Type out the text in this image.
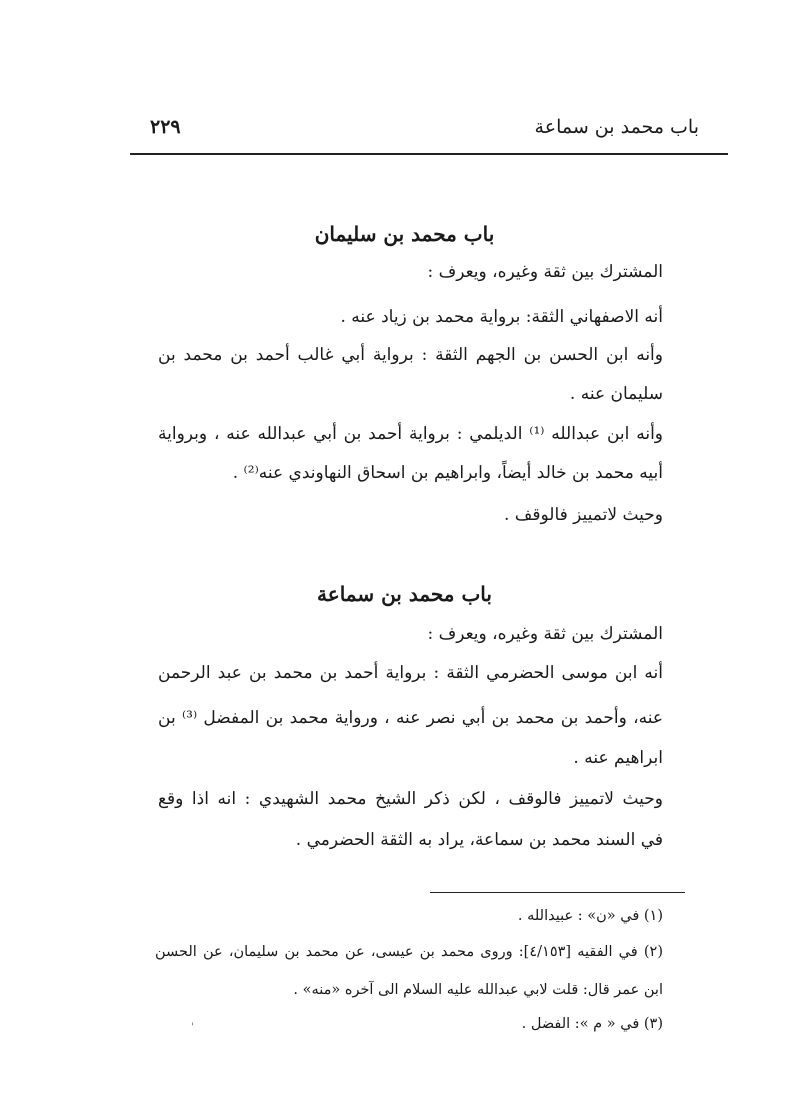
٢٢٩	باب محمد بن سماعة
باب محمد بن سليمان
المشترك بين ثقة وغيره، ويعرف :
أنه الاصفهاني الثقة: برواية محمد بن زياد عنه .
وأنه ابن الحسن بن الجهم الثقة : برواية أبي غالب أحمد بن محمد بن
سليمان عنه .
وأنه ابن عبدالله ⁽¹⁾ الديلمي : برواية أحمد بن أبي عبدالله عنه ، وبرواية
أبيه محمد بن خالد أيضاً، وابراهيم بن اسحاق النهاوندي عنه⁽²⁾ .
وحيث لاتمييز فالوقف .
باب محمد بن سماعة
المشترك بين ثقة وغيره، ويعرف :
أنه ابن موسى الحضرمي الثقة : برواية أحمد بن محمد بن عبد الرحمن
عنه، وأحمد بن محمد بن أبي نصر عنه ، ورواية محمد بن المفضل ⁽³⁾ بن
ابراهيم عنه .
وحيث لاتمييز فالوقف ، لكن ذكر الشيخ محمد الشهيدي : انه اذا وقع
في السند محمد بن سماعة، يراد به الثقة الحضرمي .
(١) في «ن» : عبيدالله .
(٢) في الفقيه [٤/١٥٣]: وروى محمد بن عيسى، عن محمد بن سليمان، عن الحسن
ابن عمر قال: قلت لابي عبدالله عليه السلام الى آخره «منه» .
(٣) في « م »: الفضل .
'
